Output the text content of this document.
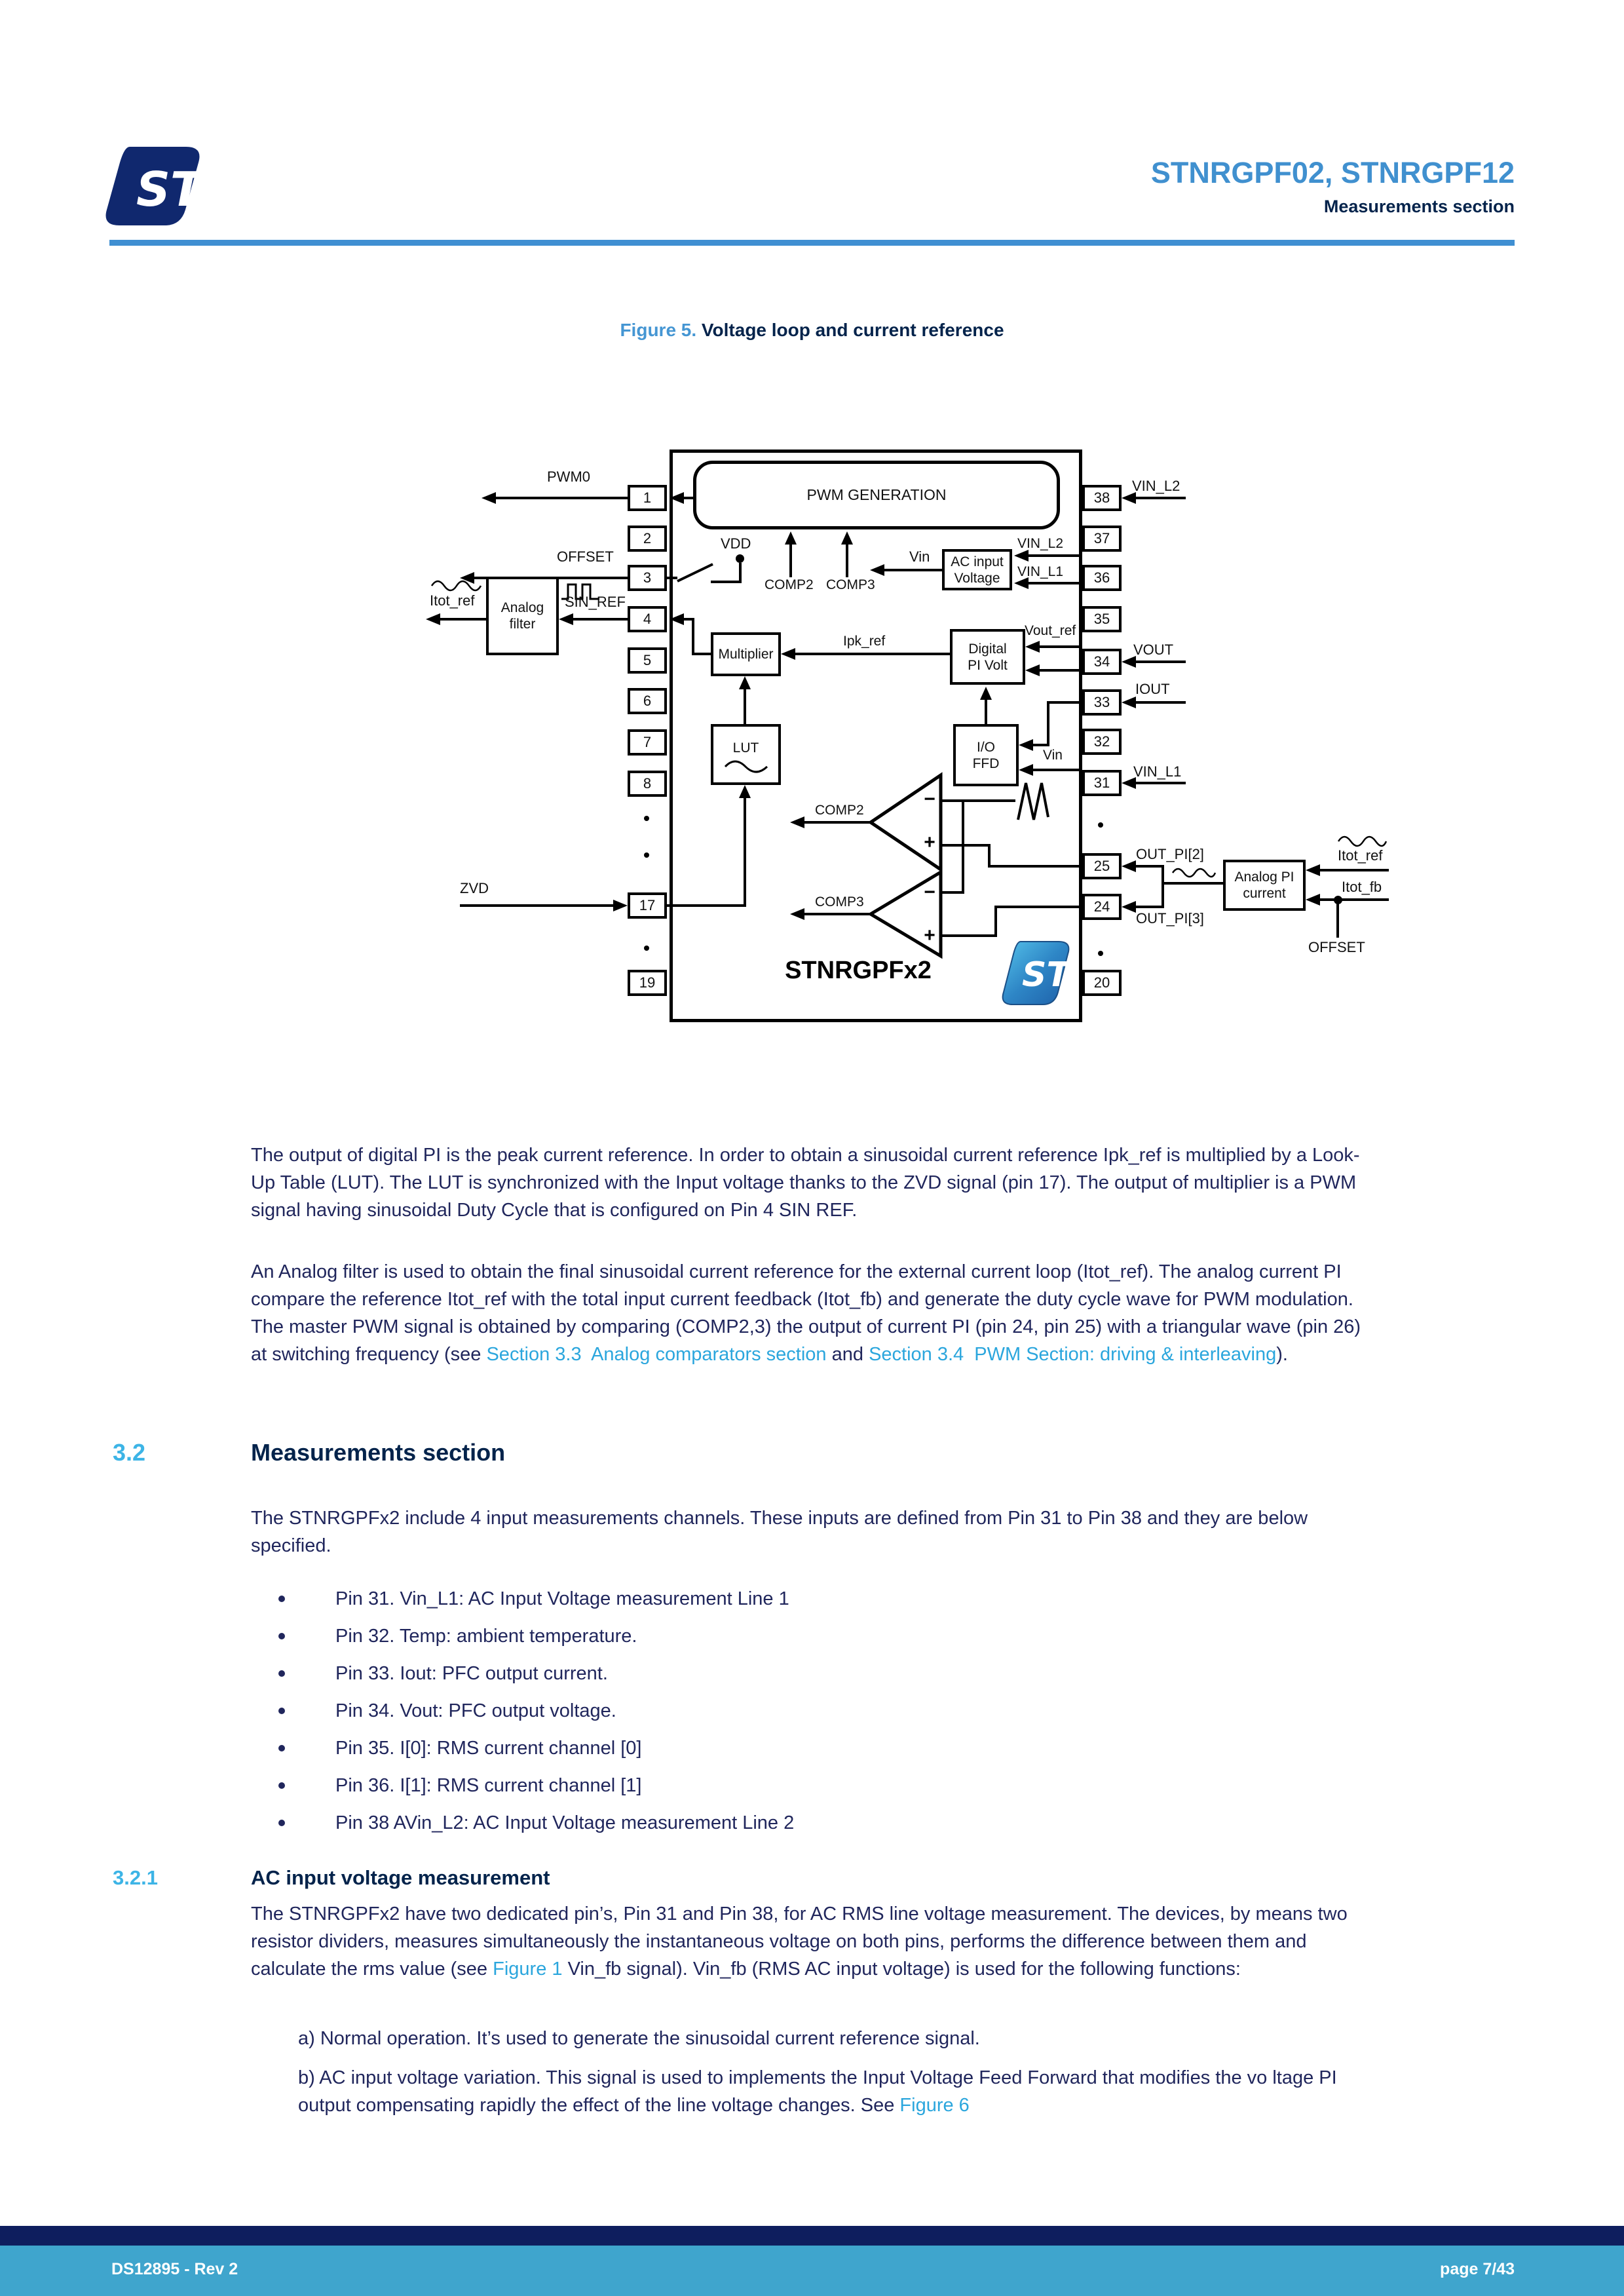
ST	STNRGPF02, STNRGPF12
Measurements section
Figure 5. Voltage loop and current reference
PWM GENERATION
STNRGPFx2	ST
1
2
3
4
5
6
7
8
17
19
38
37
36
35
34
33
32
31
25
24
20
PWM0
OFFSET
SIN_REF
Analog
filter
Itot_ref
ZVD
VDD
COMP2 COMP3
Multiplier
LUT
Ipk_ref	Digital
PI Volt
Vout_ref
I/O
FFD
Vin
AC input
Voltage
VIN_L2
VIN_L1
Vin
−
+
−
+
COMP2
COMP3
VIN_L2
VOUT
IOUT
VIN_L1
OUT_PI[2]
OUT_PI[3]
Analog PI
current
Itot_ref
Itot_fb
OFFSET
The output of digital PI is the peak current reference. In order to obtain a sinusoidal current reference Ipk_ref is multiplied by a Look-Up Table (LUT). The LUT is synchronized with the Input voltage thanks to the ZVD signal (pin 17). The output of multiplier is a PWM signal having sinusoidal Duty Cycle that is configured on Pin 4 SIN REF.
An Analog filter is used to obtain the final sinusoidal current reference for the external current loop (Itot_ref). The analog current PI compare the reference Itot_ref with the total input current feedback (Itot_fb) and generate the duty cycle wave for PWM modulation. The master PWM signal is obtained by comparing (COMP2,3) the output of current PI (pin 24, pin 25) with a triangular wave (pin 26) at switching frequency (see Section 3.3  Analog comparators section and Section 3.4  PWM Section: driving & interleaving).
3.2	Measurements section
The STNRGPFx2 include 4 input measurements channels. These inputs are defined from Pin 31 to Pin 38 and they are below specified.
Pin 31. Vin_L1: AC Input Voltage measurement Line 1
Pin 32. Temp: ambient temperature.
Pin 33. Iout: PFC output current.
Pin 34. Vout: PFC output voltage.
Pin 35. I[0]: RMS current channel [0]
Pin 36. I[1]: RMS current channel [1]
Pin 38 AVin_L2: AC Input Voltage measurement Line 2
3.2.1	AC input voltage measurement
The STNRGPFx2 have two dedicated pin’s, Pin 31 and Pin 38, for AC RMS line voltage measurement. The devices, by means two resistor dividers, measures simultaneously the instantaneous voltage on both pins, performs the difference between them and calculate the rms value (see Figure 1 Vin_fb signal). Vin_fb (RMS AC input voltage) is used for the following functions:
a) Normal operation. It’s used to generate the sinusoidal current reference signal.
b) AC input voltage variation. This signal is used to implements the Input Voltage Feed Forward that modifies the vo ltage PI output compensating rapidly the effect of the line voltage changes. See Figure 6
DS12895 - Rev 2	page 7/43
